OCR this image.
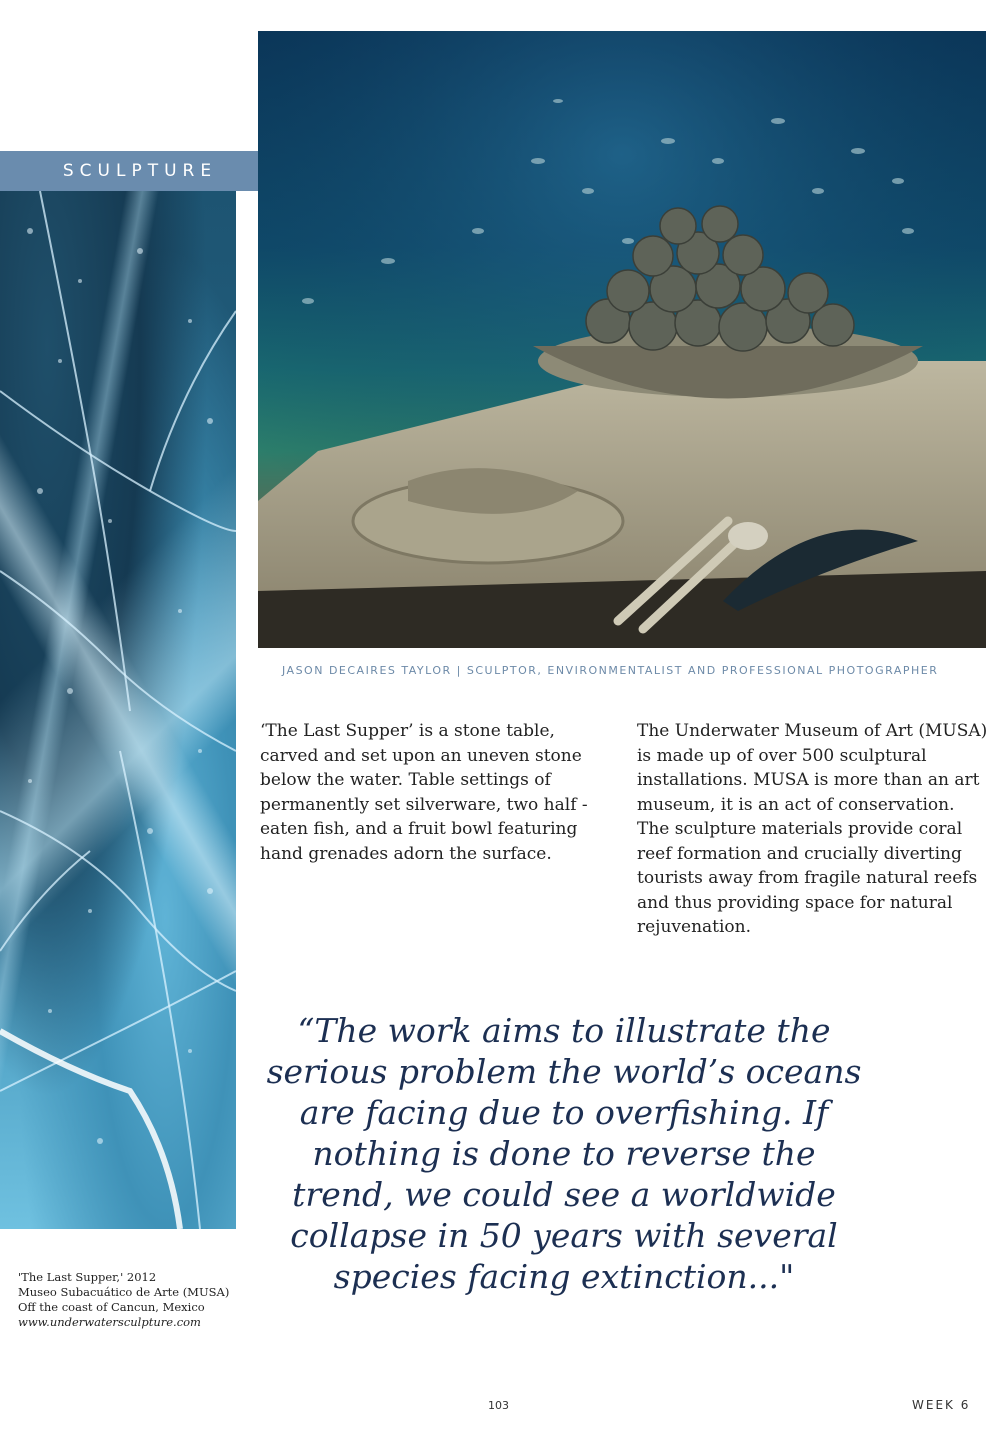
SCULPTURE
JASON DECAIRES TAYLOR | SCULPTOR, ENVIRONMENTALIST AND PROFESSIONAL PHOTOGRAPHER
‘The Last Supper’ is a stone table, carved and set upon an uneven stone below the water. Table settings of permanently set silverware, two half -eaten fish, and a fruit bowl featuring hand grenades adorn the surface.
The Underwater Museum of Art (MUSA) is made up of over 500 sculptural installations. MUSA is more than an art museum, it is an act of conservation. The sculpture materials provide coral reef formation and crucially diverting tourists away from fragile natural reefs and thus providing space for natural rejuvenation.
“The work aims to illustrate the serious problem the world’s oceans are facing due to overfishing. If nothing is done to reverse the trend, we could see a worldwide collapse in 50 years with several species facing extinction..."
'The Last Supper,' 2012
Museo Subacuático de Arte (MUSA)
Off the coast of Cancun, Mexico
www.underwatersculpture.com
103	WEEK 6
